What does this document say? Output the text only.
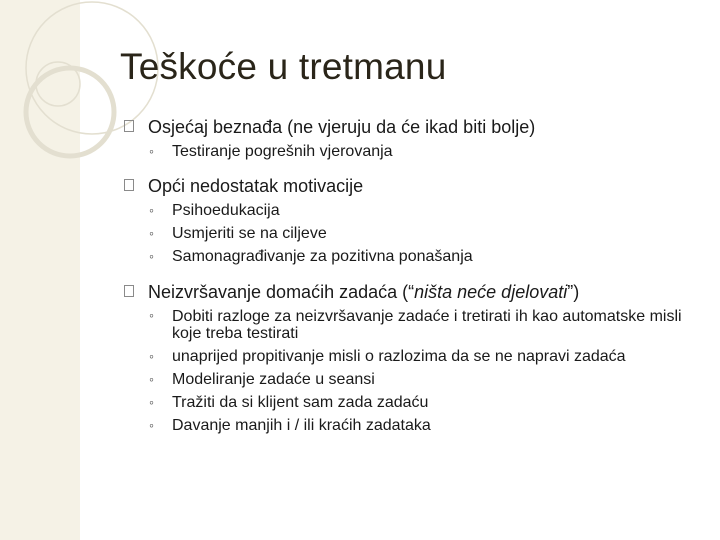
Teškoće u tretmanu
Osjećaj beznađa (ne vjeruju da će ikad biti bolje)
◦ Testiranje pogrešnih vjerovanja
Opći nedostatak motivacije
◦ Psihoedukacija
◦ Usmjeriti se na ciljeve
◦ Samonagrađivanje za pozitivna ponašanja
Neizvršavanje domaćih zadaća (“ništa neće djelovati”)
◦ Dobiti razloge za neizvršavanje zadaće i tretirati ih kao automatske misli koje treba testirati
◦ unaprijed propitivanje misli o razlozima da se ne napravi zadaća
◦ Modeliranje zadaće u seansi
◦ Tražiti da si klijent sam zada zadaću
◦ Davanje manjih i / ili kraćih zadataka
